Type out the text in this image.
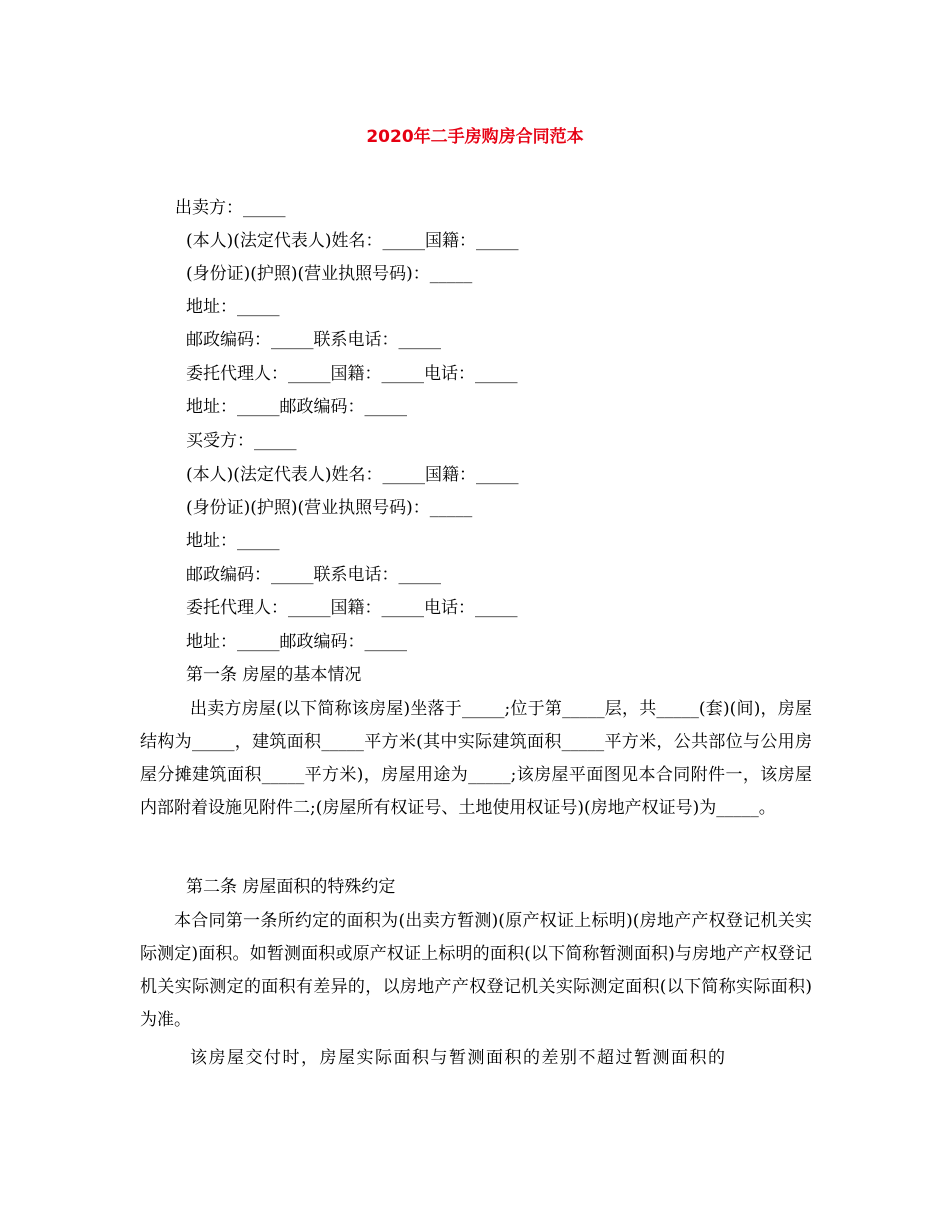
2020年二手房购房合同范本
出卖方：_____
(本人)(法定代表人)姓名：_____国籍：_____
(身份证)(护照)(营业执照号码)：_____
地址：_____
邮政编码：_____联系电话：_____
委托代理人：_____国籍：_____电话：_____
地址：_____邮政编码：_____
买受方：_____
(本人)(法定代表人)姓名：_____国籍：_____
(身份证)(护照)(营业执照号码)：_____
地址：_____
邮政编码：_____联系电话：_____
委托代理人：_____国籍：_____电话：_____
地址：_____邮政编码：_____
第一条 房屋的基本情况
出卖方房屋(以下简称该房屋)坐落于_____;位于第_____层，共_____(套)(间)，房屋结构为_____，建筑面积_____平方米(其中实际建筑面积_____平方米，公共部位与公用房屋分摊建筑面积_____平方米)，房屋用途为_____;该房屋平面图见本合同附件一，该房屋内部附着设施见附件二;(房屋所有权证号、土地使用权证号)(房地产权证号)为_____。
第二条 房屋面积的特殊约定
本合同第一条所约定的面积为(出卖方暂测)(原产权证上标明)(房地产产权登记机关实际测定)面积。如暂测面积或原产权证上标明的面积(以下简称暂测面积)与房地产产权登记机关实际测定的面积有差异的，以房地产产权登记机关实际测定面积(以下简称实际面积)为准。
该房屋交付时，房屋实际面积与暂测面积的差别不超过暂测面积的
